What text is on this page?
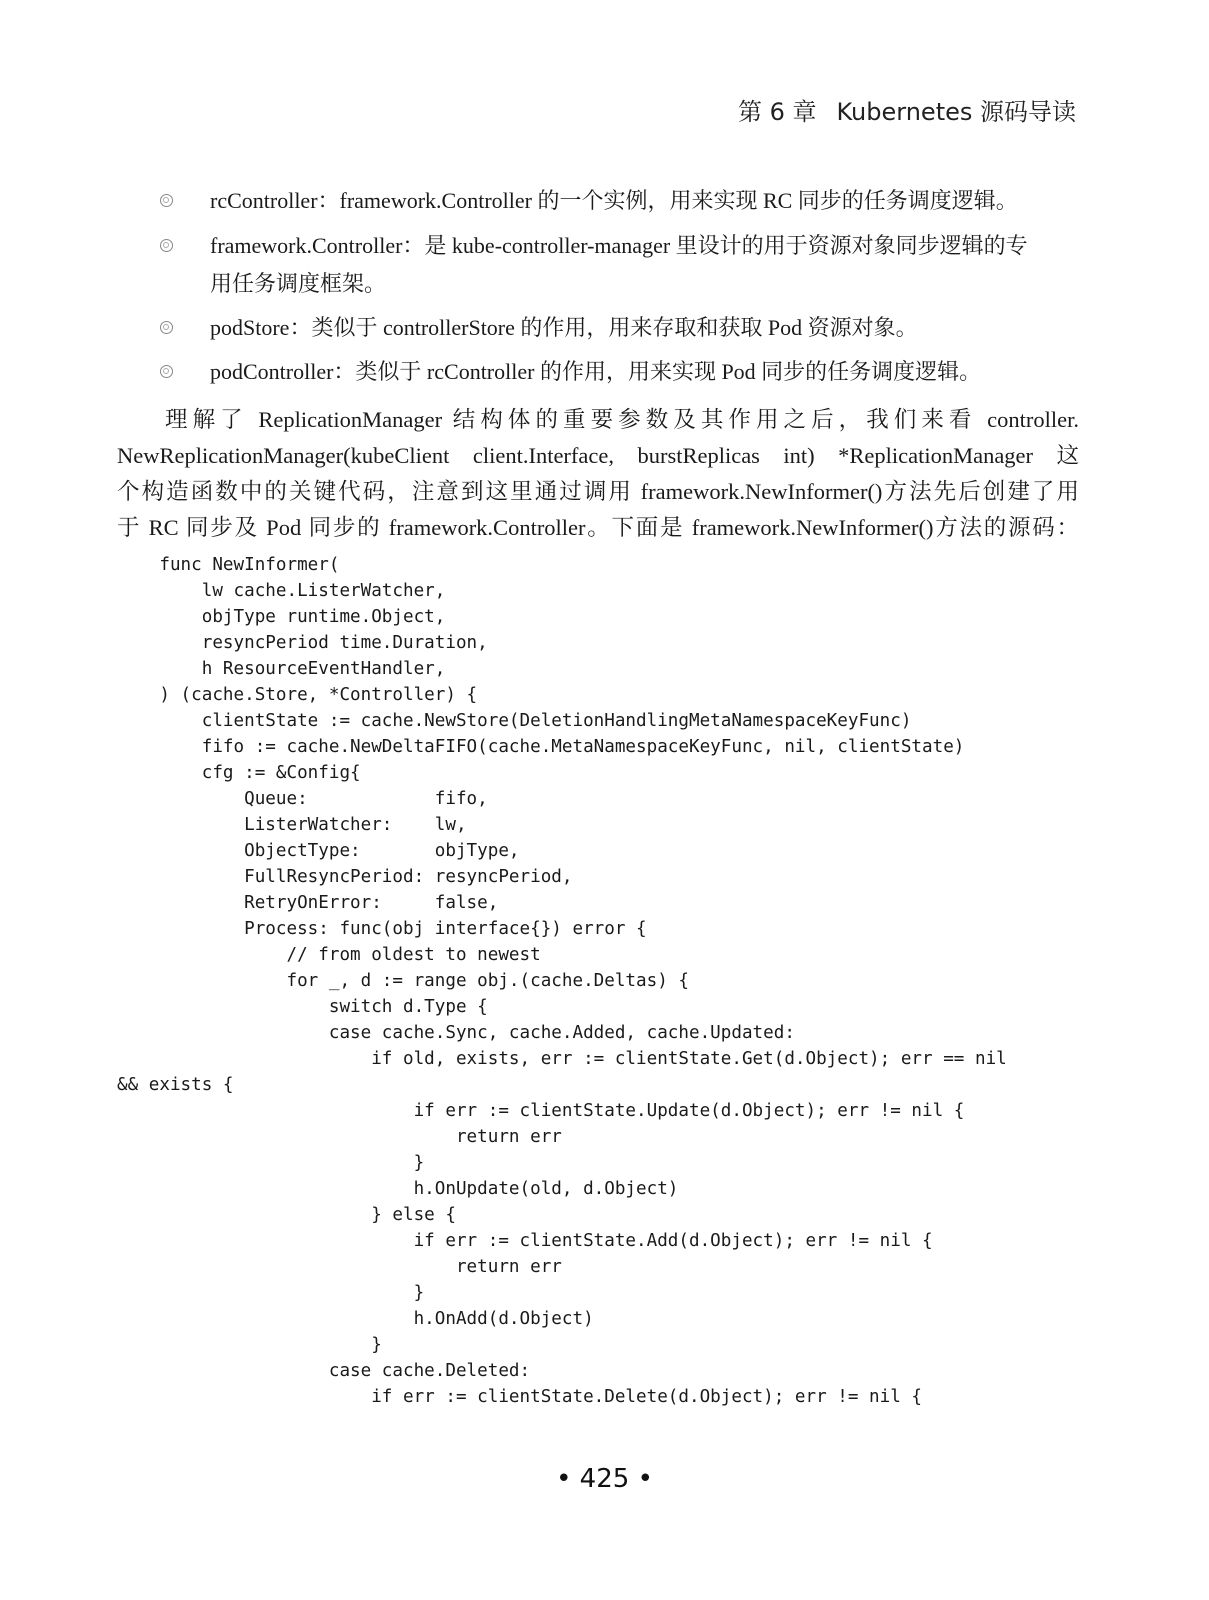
第 6 章 Kubernetes 源码导读
rcController：framework.Controller 的一个实例，用来实现 RC 同步的任务调度逻辑。
framework.Controller：是 kube-controller-manager 里设计的用于资源对象同步逻辑的专
用任务调度框架。
podStore：类似于 controllerStore 的作用，用来存取和获取 Pod 资源对象。
podController：类似于 rcController 的作用，用来实现 Pod 同步的任务调度逻辑。
理解了 ReplicationManager 结构体的重要参数及其作用之后，我们来看 controller.
NewReplicationManager(kubeClient client.Interface, burstReplicas int) *ReplicationManager 这
个构造函数中的关键代码，注意到这里通过调用 framework.NewInformer()方法先后创建了用
于 RC 同步及 Pod 同步的 framework.Controller。下面是 framework.NewInformer()方法的源码：
func NewInformer(
lw cache.ListerWatcher,
objType runtime.Object,
resyncPeriod time.Duration,
h ResourceEventHandler,
) (cache.Store, *Controller) {
clientState := cache.NewStore(DeletionHandlingMetaNamespaceKeyFunc)
fifo := cache.NewDeltaFIFO(cache.MetaNamespaceKeyFunc, nil, clientState)
cfg := &Config{
Queue:            fifo,
ListerWatcher:    lw,
ObjectType:       objType,
FullResyncPeriod: resyncPeriod,
RetryOnError:     false,
Process: func(obj interface{}) error {
// from oldest to newest
for _, d := range obj.(cache.Deltas) {
switch d.Type {
case cache.Sync, cache.Added, cache.Updated:
if old, exists, err := clientState.Get(d.Object); err == nil
&& exists {
if err := clientState.Update(d.Object); err != nil {
return err
}
h.OnUpdate(old, d.Object)
} else {
if err := clientState.Add(d.Object); err != nil {
return err
}
h.OnAdd(d.Object)
}
case cache.Deleted:
if err := clientState.Delete(d.Object); err != nil {
• 425 •
